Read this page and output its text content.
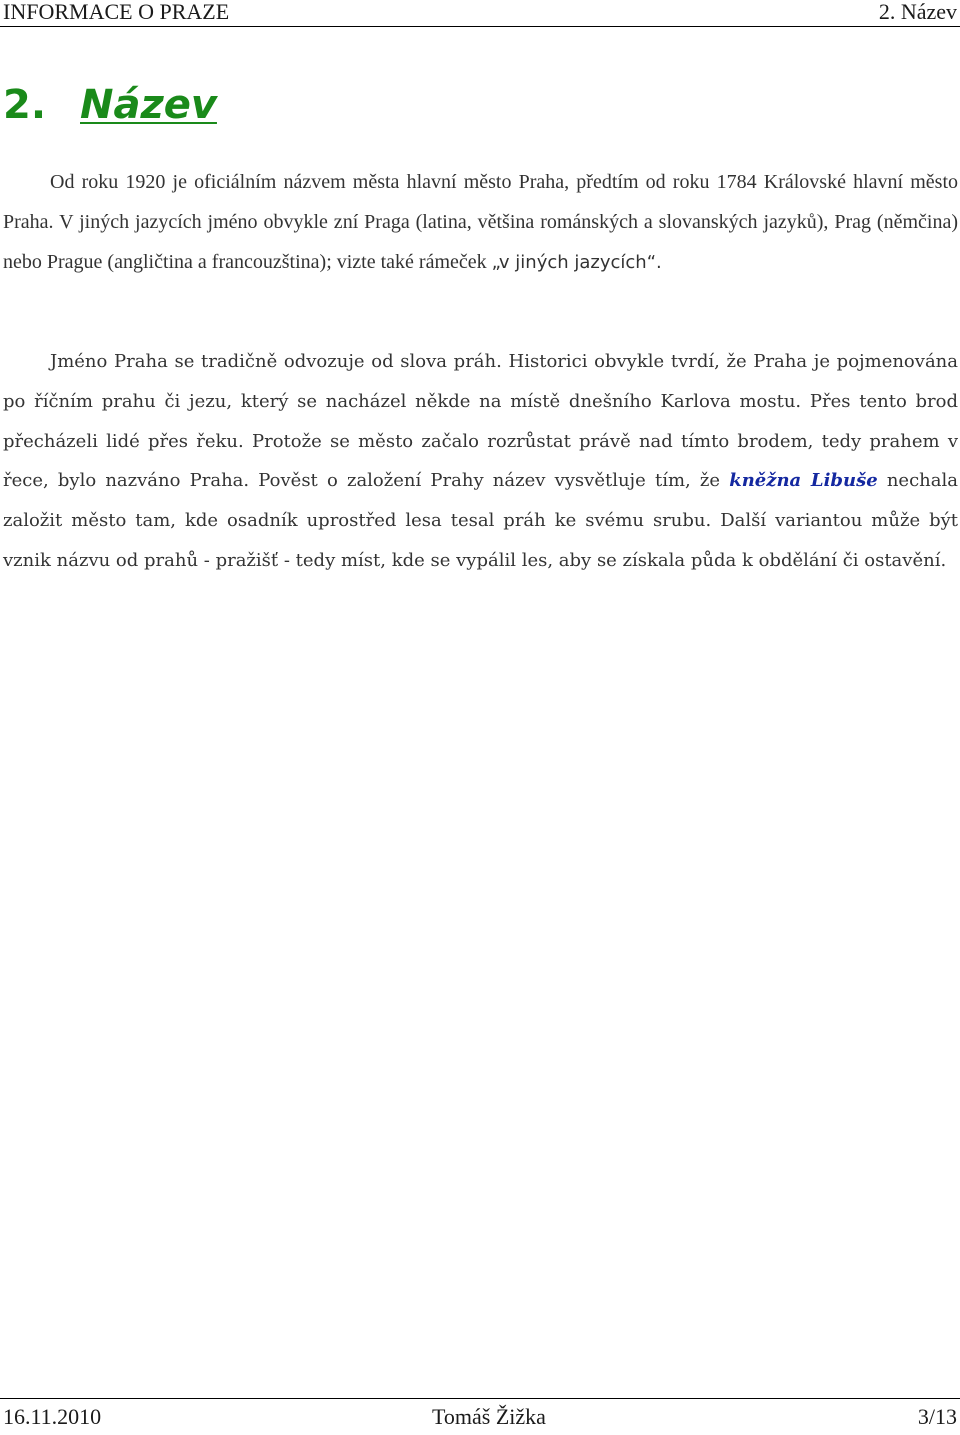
INFORMACE O PRAZE	2. Název
2. Název

Od roku 1920 je oficiálním názvem města hlavní město Praha, předtím od roku 1784 Královské hlavní město Praha. V jiných jazycích jméno obvykle zní Praga (latina, většina románských a slovanských jazyků), Prag (němčina) nebo Prague (angličtina a francouzština); vizte také rámeček „v jiných jazycích“.

Jméno Praha se tradičně odvozuje od slova práh. Historici obvykle tvrdí, že Praha je pojmenována po říčním prahu či jezu, který se nacházel někde na místě dnešního Karlova mostu. Přes tento brod přecházeli lidé přes řeku. Protože se město začalo rozrůstat právě nad tímto brodem, tedy prahem v řece, bylo nazváno Praha. Pověst o založení Prahy název vysvětluje tím, že kněžna Libuše nechala založit město tam, kde osadník uprostřed lesa tesal práh ke svému srubu. Další variantou může být vznik názvu od prahů - pražišť - tedy míst, kde se vypálil les, aby se získala půda k obdělání či ostavění.

16.11.2010	Tomáš Žižka	3/13
